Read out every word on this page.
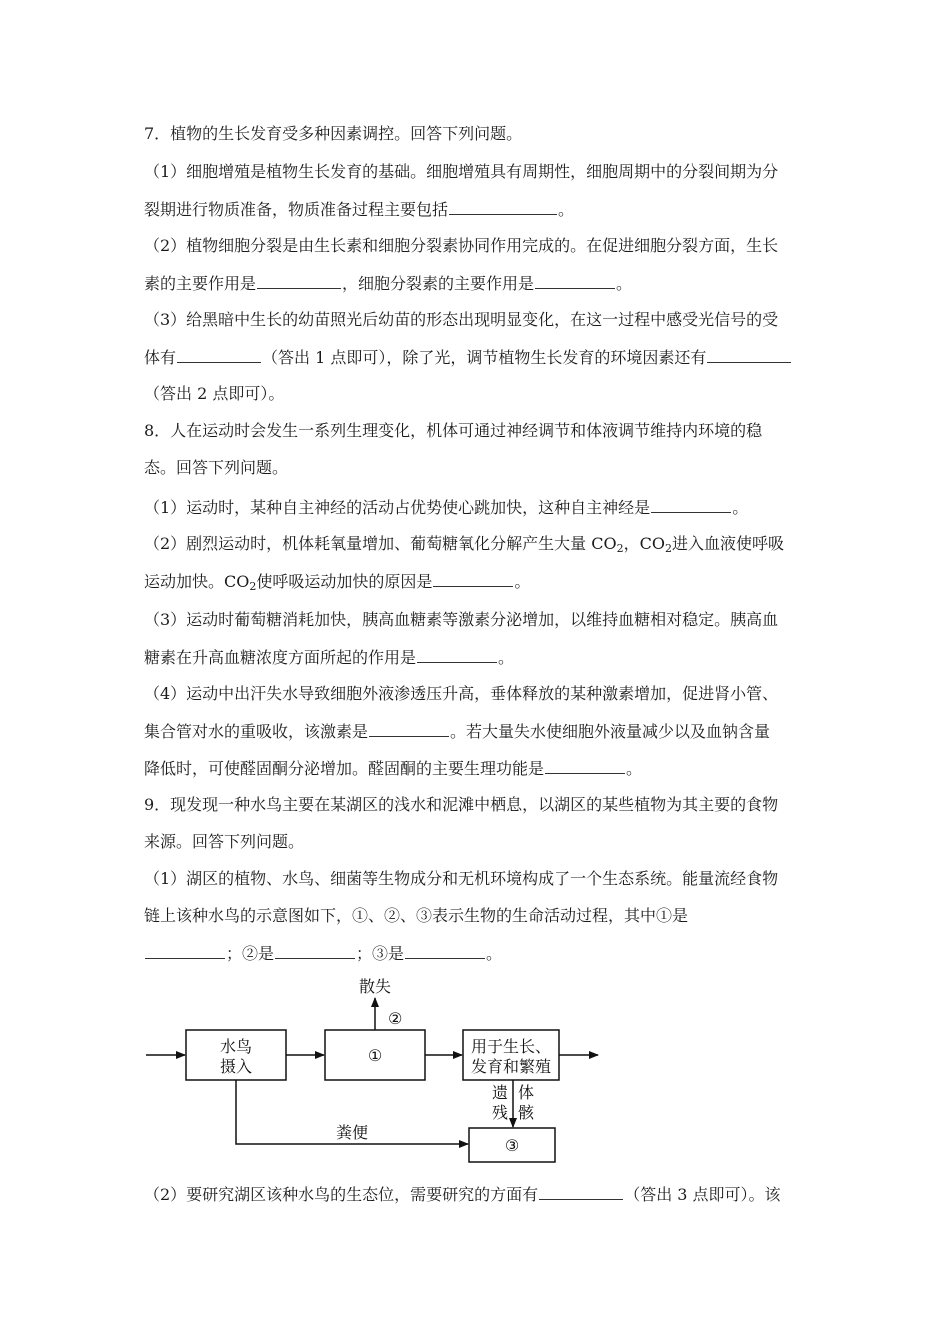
7．植物的生长发育受多种因素调控。回答下列问题。
（1）细胞增殖是植物生长发育的基础。细胞增殖具有周期性，细胞周期中的分裂间期为分
裂期进行物质准备，物质准备过程主要包括	。
（2）植物细胞分裂是由生长素和细胞分裂素协同作用完成的。在促进细胞分裂方面，生长
素的主要作用是	，细胞分裂素的主要作用是	。
（3）给黑暗中生长的幼苗照光后幼苗的形态出现明显变化，在这一过程中感受光信号的受
体有	（答出 1 点即可），除了光，调节植物生长发育的环境因素还有
（答出 2 点即可）。
8．人在运动时会发生一系列生理变化，机体可通过神经调节和体液调节维持内环境的稳
态。回答下列问题。
（1）运动时，某种自主神经的活动占优势使心跳加快，这种自主神经是	。
（2）剧烈运动时，机体耗氧量增加、葡萄糖氧化分解产生大量 $CO_2$，$CO_2$进入血液使呼吸
运动加快。$CO_2$使呼吸运动加快的原因是	。
（3）运动时葡萄糖消耗加快，胰高血糖素等激素分泌增加，以维持血糖相对稳定。胰高血
糖素在升高血糖浓度方面所起的作用是	。
（4）运动中出汗失水导致细胞外液渗透压升高，垂体释放的某种激素增加，促进肾小管、
集合管对水的重吸收，该激素是	。若大量失水使细胞外液量减少以及血钠含量
降低时，可使醛固酮分泌增加。醛固酮的主要生理功能是	。
9．现发现一种水鸟主要在某湖区的浅水和泥滩中栖息，以湖区的某些植物为其主要的食物
来源。回答下列问题。
（1）湖区的植物、水鸟、细菌等生物成分和无机环境构成了一个生态系统。能量流经食物
链上该种水鸟的示意图如下，①、②、③表示生物的生命活动过程，其中①是
；②是	；③是	。
水鸟
摄入
①
散失
②
用于生长、
发育和繁殖
遗
残
体
骸
③
粪便
（2）要研究湖区该种水鸟的生态位，需要研究的方面有	（答出 3 点即可）。该
